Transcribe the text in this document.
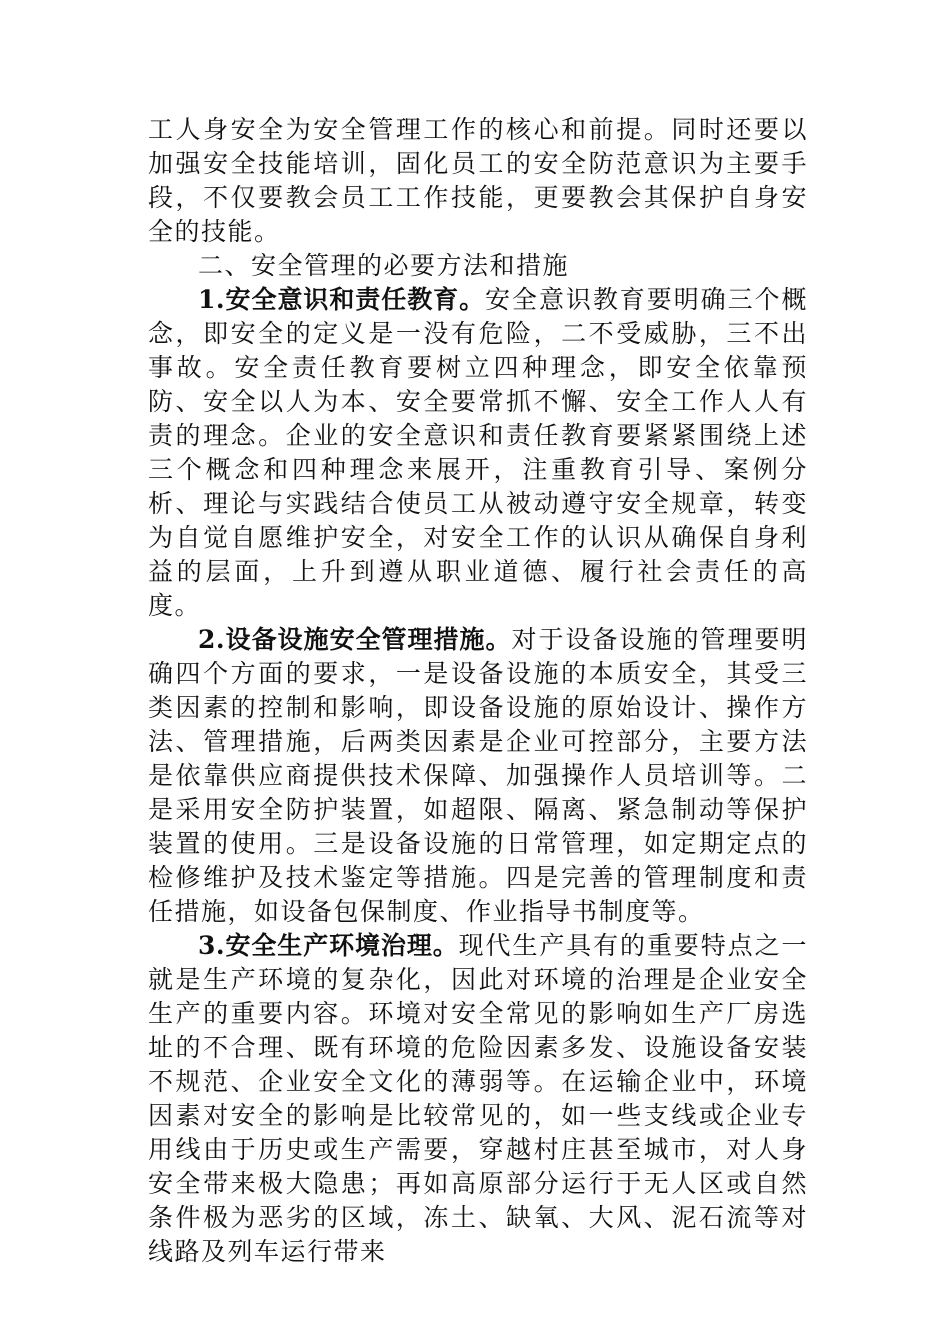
工人身安全为安全管理工作的核心和前提。同时还要以加强安全技能培训，固化员工的安全防范意识为主要手段，不仅要教会员工工作技能，更要教会其保护自身安全的技能。

二、安全管理的必要方法和措施

1.安全意识和责任教育。安全意识教育要明确三个概念，即安全的定义是一没有危险，二不受威胁，三不出事故。安全责任教育要树立四种理念，即安全依靠预防、安全以人为本、安全要常抓不懈、安全工作人人有责的理念。企业的安全意识和责任教育要紧紧围绕上述三个概念和四种理念来展开，注重教育引导、案例分析、理论与实践结合使员工从被动遵守安全规章，转变为自觉自愿维护安全，对安全工作的认识从确保自身利益的层面，上升到遵从职业道德、履行社会责任的高度。

2.设备设施安全管理措施。对于设备设施的管理要明确四个方面的要求，一是设备设施的本质安全，其受三类因素的控制和影响，即设备设施的原始设计、操作方法、管理措施，后两类因素是企业可控部分，主要方法是依靠供应商提供技术保障、加强操作人员培训等。二是采用安全防护装置，如超限、隔离、紧急制动等保护装置的使用。三是设备设施的日常管理，如定期定点的检修维护及技术鉴定等措施。四是完善的管理制度和责任措施，如设备包保制度、作业指导书制度等。

3.安全生产环境治理。现代生产具有的重要特点之一就是生产环境的复杂化，因此对环境的治理是企业安全生产的重要内容。环境对安全常见的影响如生产厂房选址的不合理、既有环境的危险因素多发、设施设备安装不规范、企业安全文化的薄弱等。在运输企业中，环境因素对安全的影响是比较常见的，如一些支线或企业专用线由于历史或生产需要，穿越村庄甚至城市，对人身安全带来极大隐患；再如高原部分运行于无人区或自然条件极为恶劣的区域，冻土、缺氧、大风、泥石流等对线路及列车运行带来
